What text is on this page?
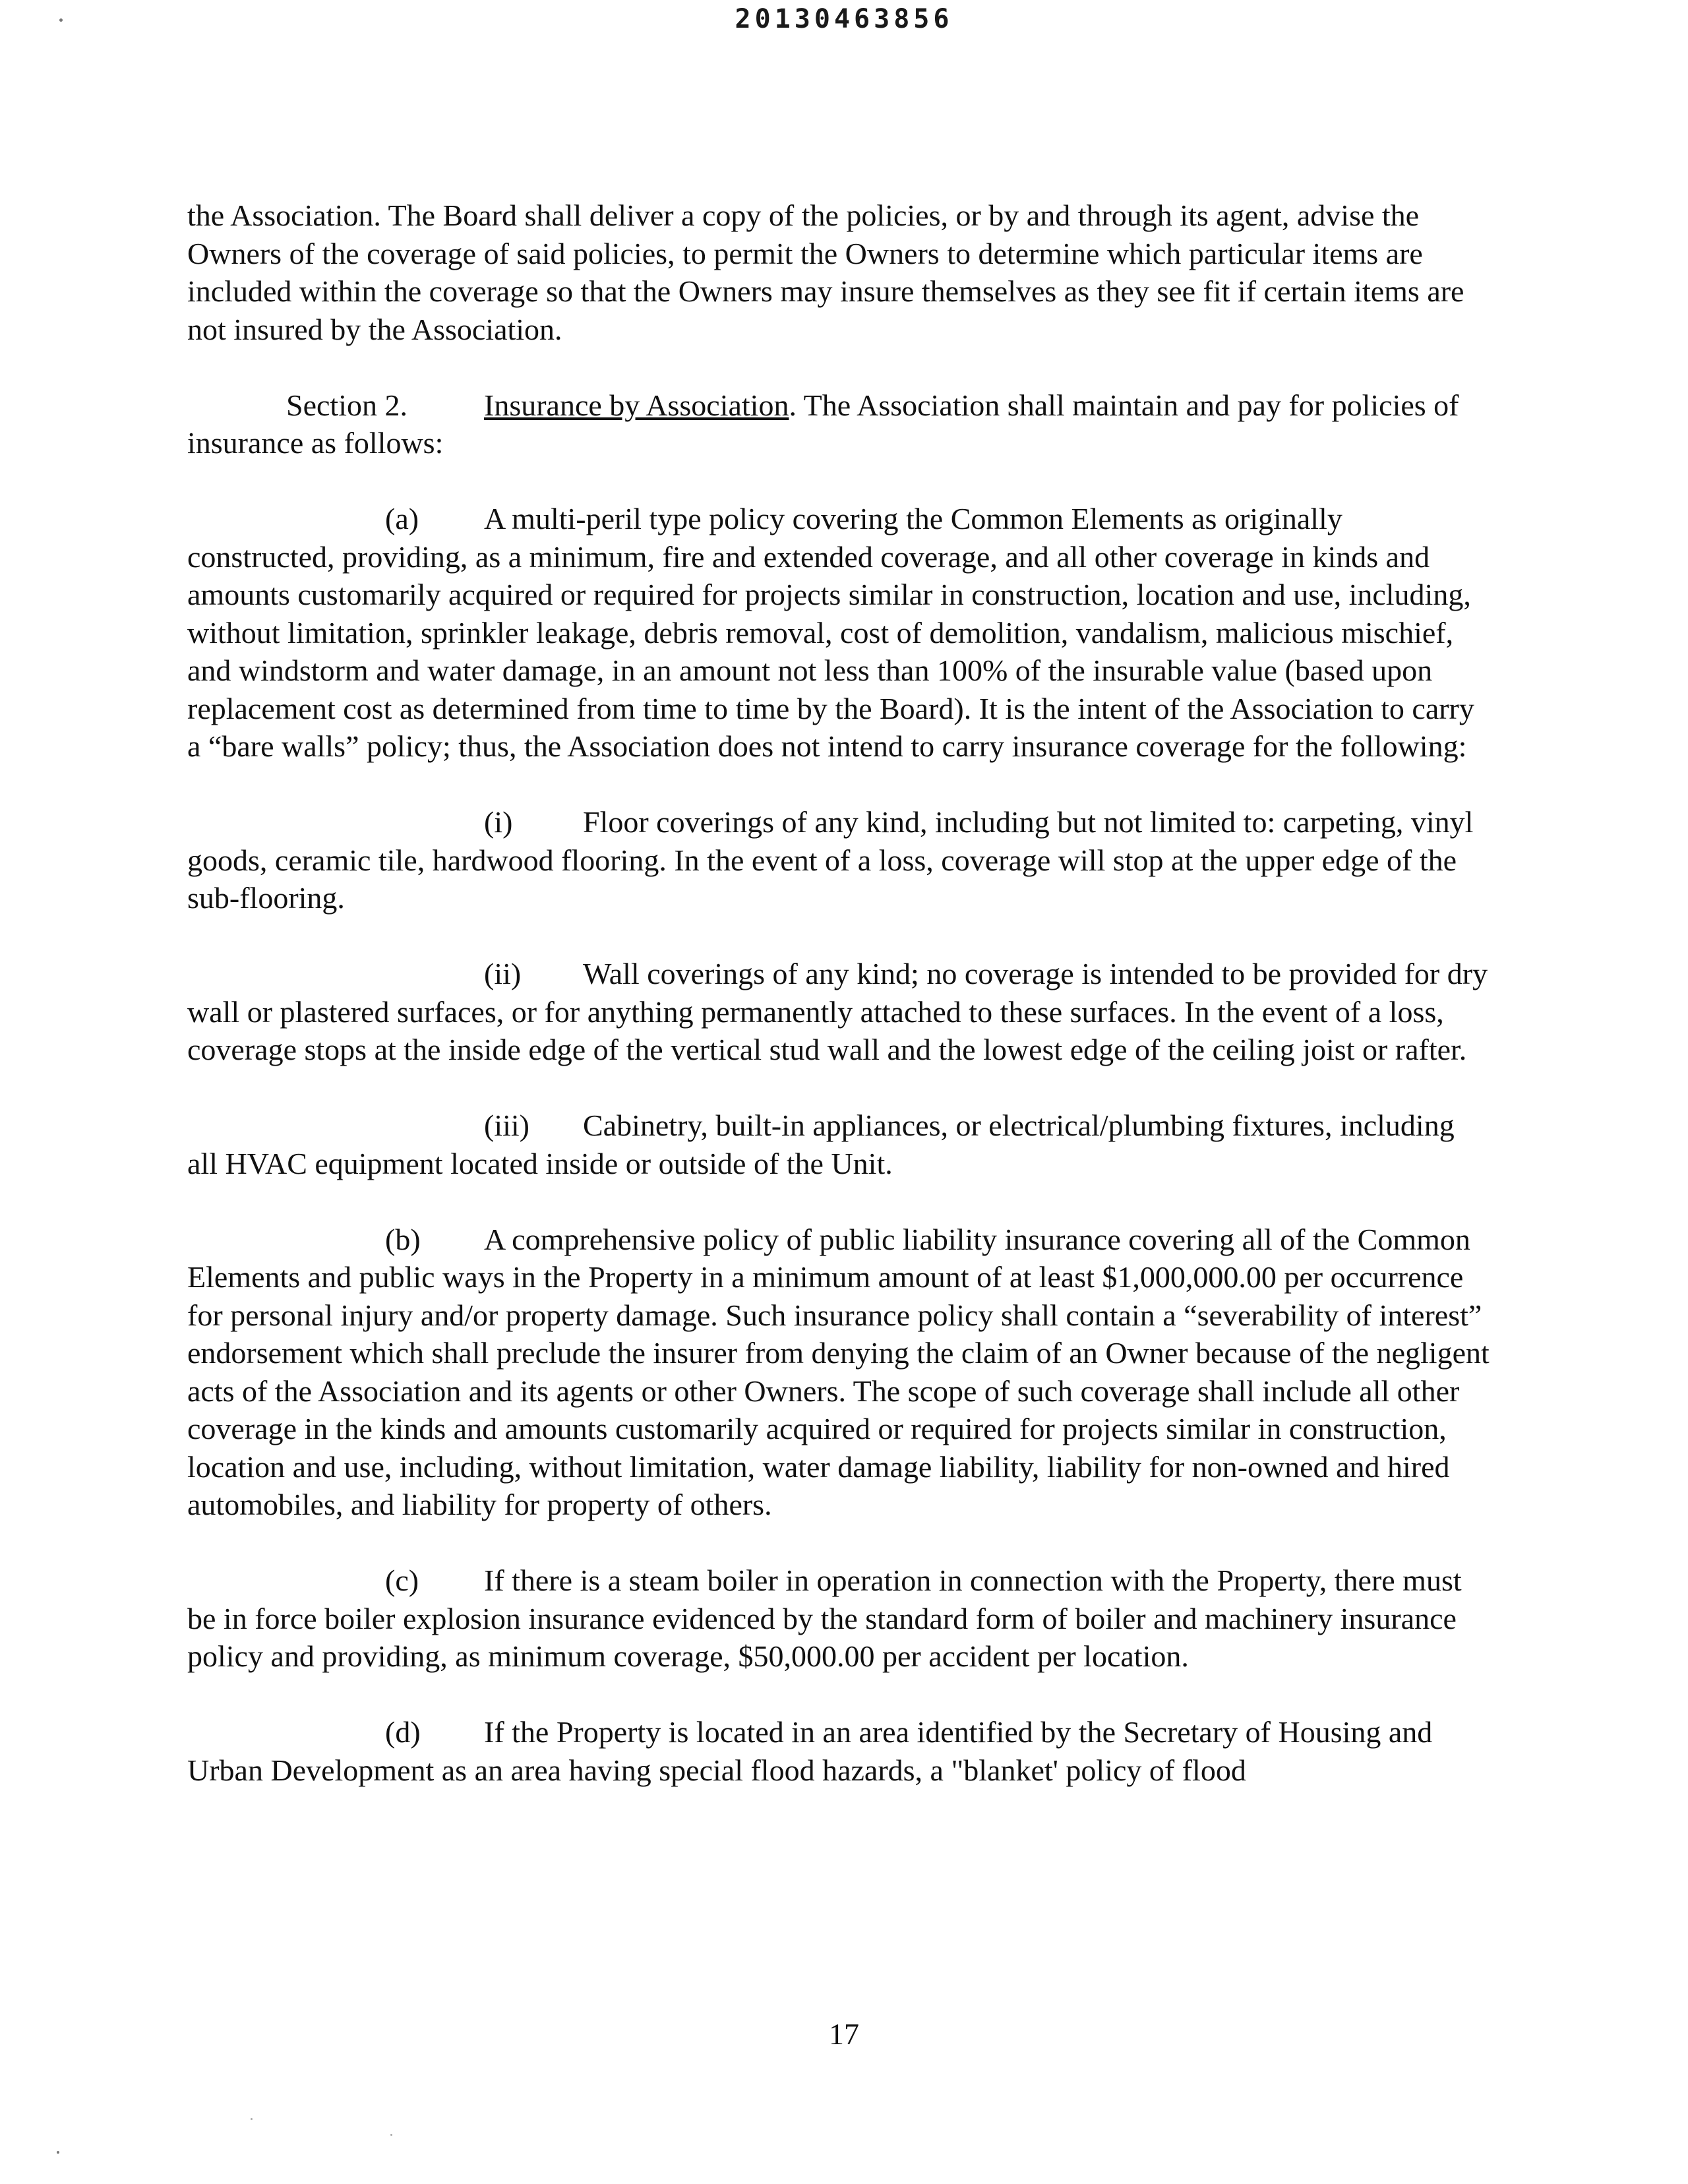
20130463856

the Association. The Board shall deliver a copy of the policies, or by and through its agent, advise the Owners of the coverage of said policies, to permit the Owners to determine which particular items are included within the coverage so that the Owners may insure themselves as they see fit if certain items are not insured by the Association.

Section 2.	Insurance by Association. The Association shall maintain and pay for policies of insurance as follows:

(a) A multi-peril type policy covering the Common Elements as originally constructed, providing, as a minimum, fire and extended coverage, and all other coverage in kinds and amounts customarily acquired or required for projects similar in construction, location and use, including, without limitation, sprinkler leakage, debris removal, cost of demolition, vandalism, malicious mischief, and windstorm and water damage, in an amount not less than 100% of the insurable value (based upon replacement cost as determined from time to time by the Board). It is the intent of the Association to carry a “bare walls” policy; thus, the Association does not intend to carry insurance coverage for the following:

(i) Floor coverings of any kind, including but not limited to: carpeting, vinyl goods, ceramic tile, hardwood flooring. In the event of a loss, coverage will stop at the upper edge of the sub-flooring.

(ii) Wall coverings of any kind; no coverage is intended to be provided for dry wall or plastered surfaces, or for anything permanently attached to these surfaces. In the event of a loss, coverage stops at the inside edge of the vertical stud wall and the lowest edge of the ceiling joist or rafter.

(iii) Cabinetry, built-in appliances, or electrical/plumbing fixtures, including all HVAC equipment located inside or outside of the Unit.

(b) A comprehensive policy of public liability insurance covering all of the Common Elements and public ways in the Property in a minimum amount of at least $1,000,000.00 per occurrence for personal injury and/or property damage. Such insurance policy shall contain a “severability of interest” endorsement which shall preclude the insurer from denying the claim of an Owner because of the negligent acts of the Association and its agents or other Owners. The scope of such coverage shall include all other coverage in the kinds and amounts customarily acquired or required for projects similar in construction, location and use, including, without limitation, water damage liability, liability for non-owned and hired automobiles, and liability for property of others.

(c) If there is a steam boiler in operation in connection with the Property, there must be in force boiler explosion insurance evidenced by the standard form of boiler and machinery insurance policy and providing, as minimum coverage, $50,000.00 per accident per location.

(d) If the Property is located in an area identified by the Secretary of Housing and Urban Development as an area having special flood hazards, a "blanket' policy of flood

17
